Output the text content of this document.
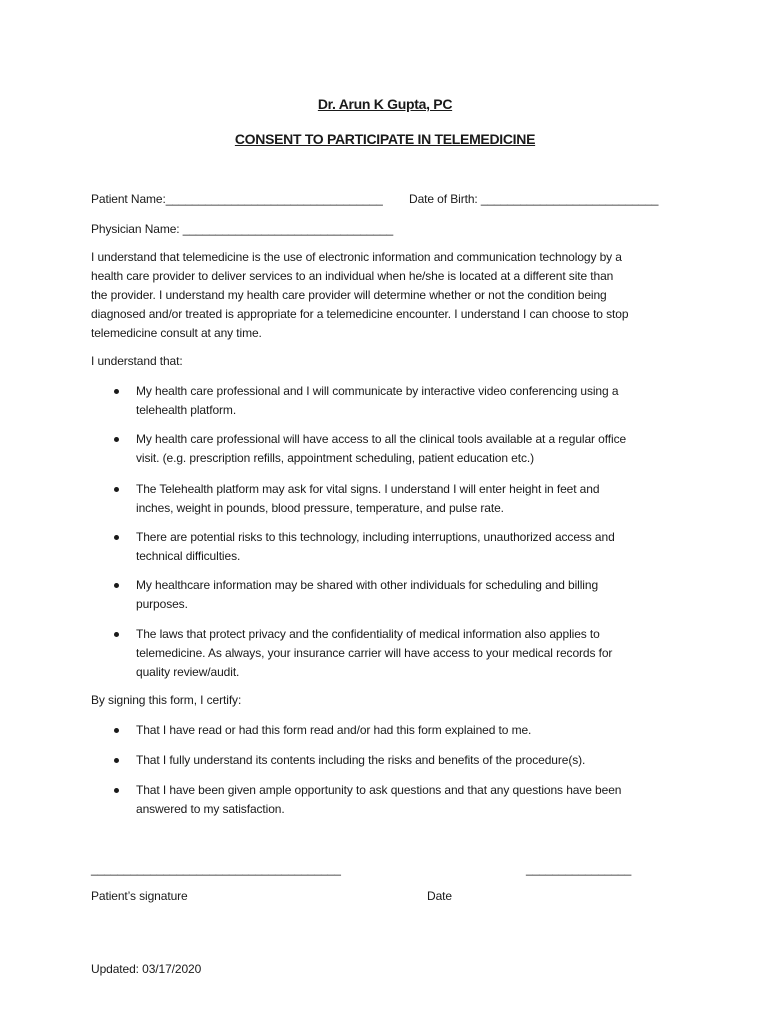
Dr. Arun K Gupta, PC
CONSENT TO PARTICIPATE IN TELEMEDICINE
Patient Name:_________________________________ Date of Birth: ___________________________
Physician Name: ________________________________
I understand that telemedicine is the use of electronic information and communication technology by a
health care provider to deliver services to an individual when he/she is located at a different site than
the provider. I understand my health care provider will determine whether or not the condition being
diagnosed and/or treated is appropriate for a telemedicine encounter. I understand I can choose to stop
telemedicine consult at any time.
I understand that:
My health care professional and I will communicate by interactive video conferencing using a
telehealth platform.
My health care professional will have access to all the clinical tools available at a regular office
visit. (e.g. prescription refills, appointment scheduling, patient education etc.)
The Telehealth platform may ask for vital signs. I understand I will enter height in feet and
inches, weight in pounds, blood pressure, temperature, and pulse rate.
There are potential risks to this technology, including interruptions, unauthorized access and
technical difficulties.
My healthcare information may be shared with other individuals for scheduling and billing
purposes.
The laws that protect privacy and the confidentiality of medical information also applies to
telemedicine. As always, your insurance carrier will have access to your medical records for
quality review/audit.
By signing this form, I certify:
That I have read or had this form read and/or had this form explained to me.
That I fully understand its contents including the risks and benefits of the procedure(s).
That I have been given ample opportunity to ask questions and that any questions have been
answered to my satisfaction.
______________________________________	________________
Patient’s signature	Date
Updated: 03/17/2020
